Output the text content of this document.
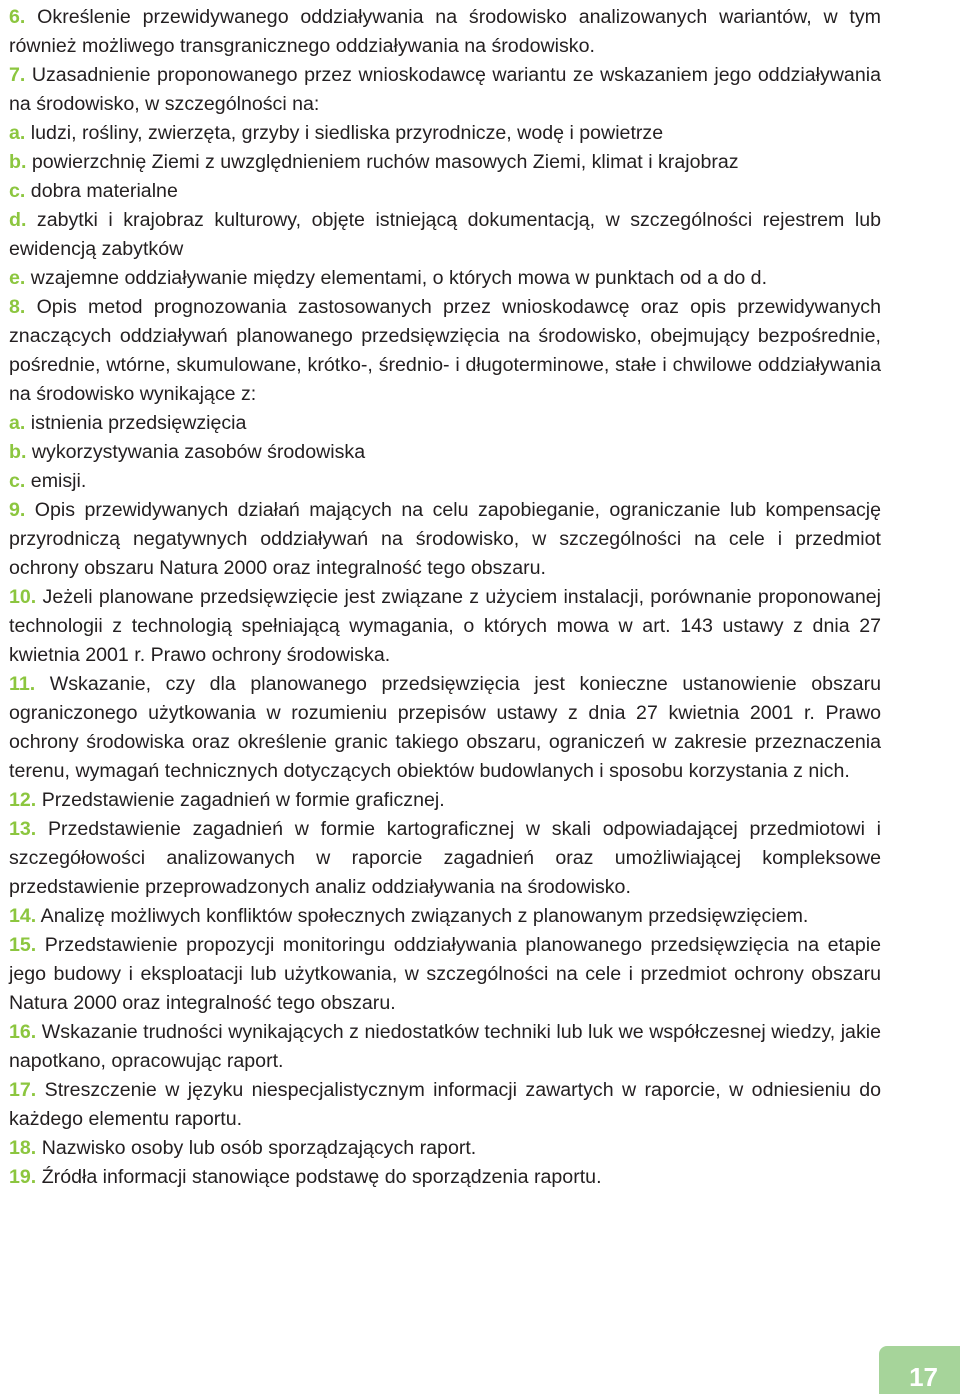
6. Określenie przewidywanego oddziaływania na środowisko analizowanych wariantów, w tym również możliwego transgranicznego oddziaływania na środowisko.

7. Uzasadnienie proponowanego przez wnioskodawcę wariantu ze wskazaniem jego oddziaływania na środowisko, w szczególności na:

a. ludzi, rośliny, zwierzęta, grzyby i siedliska przyrodnicze, wodę i powietrze

b. powierzchnię Ziemi z uwzględnieniem ruchów masowych Ziemi, klimat i krajobraz

c. dobra materialne

d. zabytki i krajobraz kulturowy, objęte istniejącą dokumentacją, w szczególności rejestrem lub ewidencją zabytków

e. wzajemne oddziaływanie między elementami, o których mowa w punktach od a do d.

8. Opis metod prognozowania zastosowanych przez wnioskodawcę oraz opis przewidywanych znaczących oddziaływań planowanego przedsięwzięcia na środowisko, obejmujący bezpośrednie, pośrednie, wtórne, skumulowane, krótko-, średnio- i długoterminowe, stałe i chwilowe oddziaływania na środowisko wynikające z:

a. istnienia przedsięwzięcia

b. wykorzystywania zasobów środowiska

c. emisji.

9. Opis przewidywanych działań mających na celu zapobieganie, ograniczanie lub kompensację przyrodniczą negatywnych oddziaływań na środowisko, w szczególności na cele i przedmiot ochrony obszaru Natura 2000 oraz integralność tego obszaru.

10. Jeżeli planowane przedsięwzięcie jest związane z użyciem instalacji, porównanie proponowanej technologii z technologią spełniającą wymagania, o których mowa w art. 143 ustawy z dnia 27 kwietnia 2001 r. Prawo ochrony środowiska.

11. Wskazanie, czy dla planowanego przedsięwzięcia jest konieczne ustanowienie obszaru ograniczonego użytkowania w rozumieniu przepisów ustawy z dnia 27 kwietnia 2001 r. Prawo ochrony środowiska oraz określenie granic takiego obszaru, ograniczeń w zakresie przeznaczenia terenu, wymagań technicznych dotyczących obiektów budowlanych i sposobu korzystania z nich.

12. Przedstawienie zagadnień w formie graficznej.

13. Przedstawienie zagadnień w formie kartograficznej w skali odpowiadającej przedmiotowi i szczegółowości analizowanych w raporcie zagadnień oraz umożliwiającej kompleksowe przedstawienie przeprowadzonych analiz oddziaływania na środowisko.

14. Analizę możliwych konfliktów społecznych związanych z planowanym przedsięwzięciem.

15. Przedstawienie propozycji monitoringu oddziaływania planowanego przedsięwzięcia na etapie jego budowy i eksploatacji lub użytkowania, w szczególności na cele i przedmiot ochrony obszaru Natura 2000 oraz integralność tego obszaru.

16. Wskazanie trudności wynikających z niedostatków techniki lub luk we współczesnej wiedzy, jakie napotkano, opracowując raport.

17. Streszczenie w języku niespecjalistycznym informacji zawartych w raporcie, w odniesieniu do każdego elementu raportu.

18. Nazwisko osoby lub osób sporządzających raport.

19. Źródła informacji stanowiące podstawę do sporządzenia raportu.

17
